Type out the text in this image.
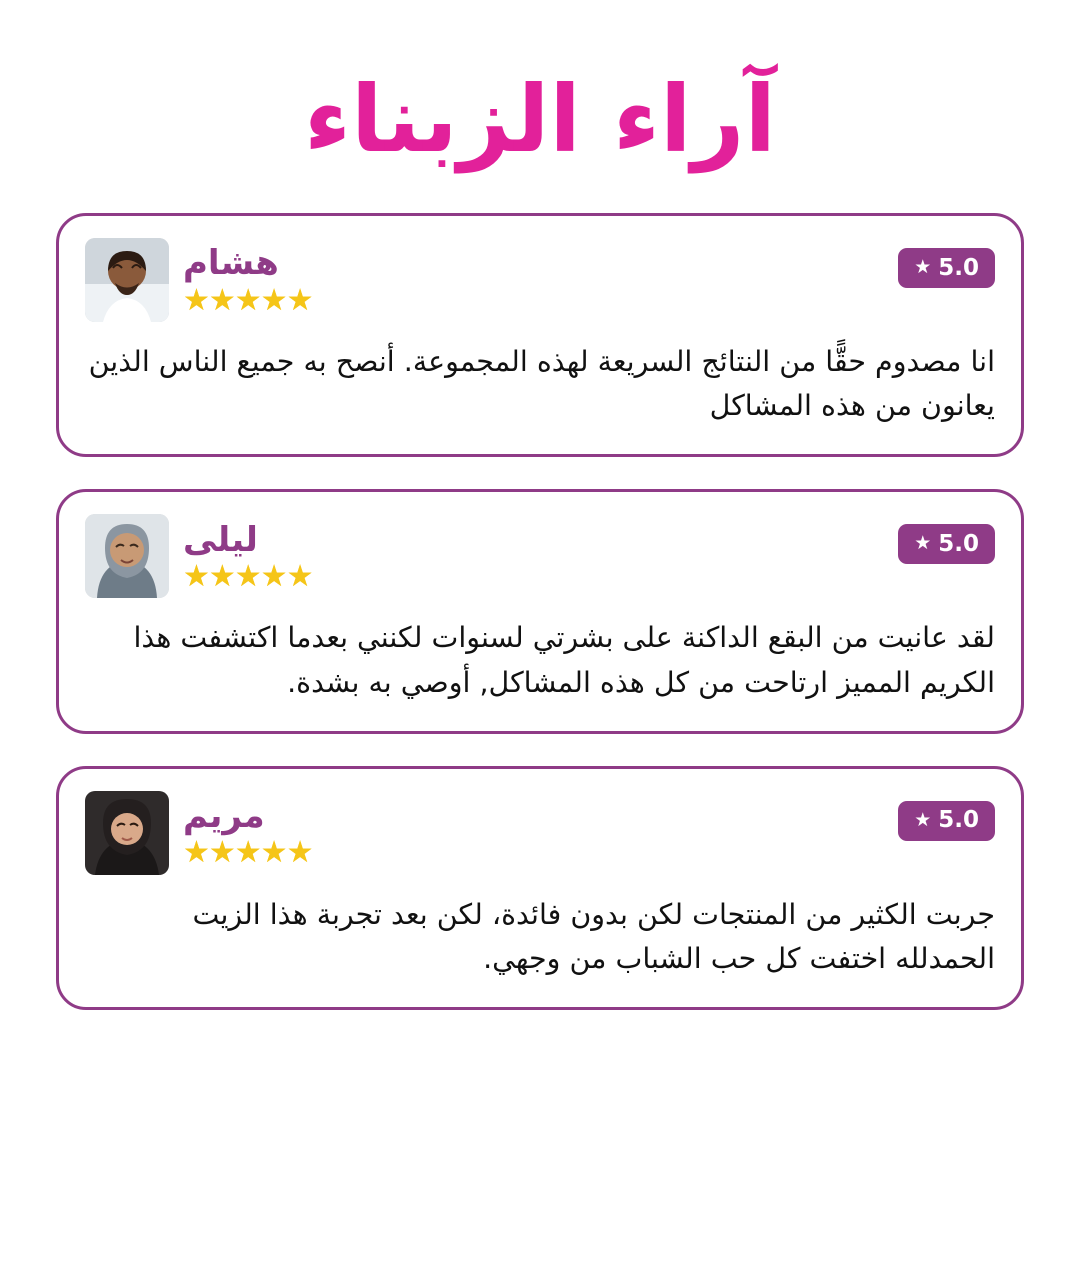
آراء الزبناء
★ 5.0
هشام
★★★★★
انا مصدوم حقًّا من النتائج السريعة لهذه المجموعة. أنصح به جميع الناس الذين يعانون من هذه المشاكل
★ 5.0
ليلى
★★★★★
لقد عانيت من البقع الداكنة على بشرتي لسنوات لكنني بعدما اكتشفت هذا الكريم المميز ارتاحت من كل هذه المشاكل, أوصي به بشدة.
★ 5.0
مريم
★★★★★
جربت الكثير من المنتجات لكن بدون فائدة، لكن بعد تجربة هذا الزيت الحمدلله اختفت كل حب الشباب من وجهي.
